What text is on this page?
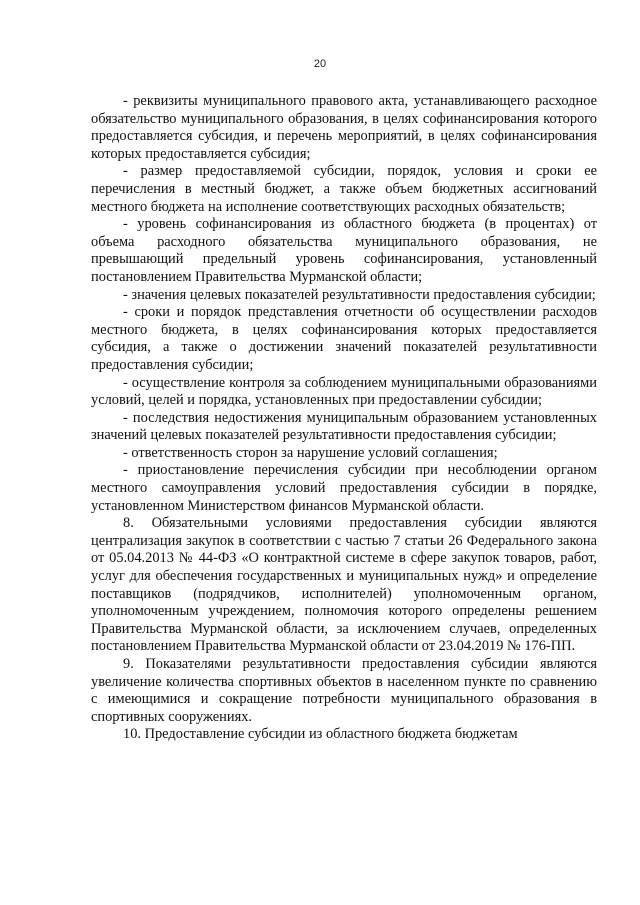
20

- реквизиты муниципального правового акта, устанавливающего расходное обязательство муниципального образования, в целях софинансирования которого предоставляется субсидия, и перечень мероприятий, в целях софинансирования которых предоставляется субсидия;

- размер предоставляемой субсидии, порядок, условия и сроки ее перечисления в местный бюджет, а также объем бюджетных ассигнований местного бюджета на исполнение соответствующих расходных обязательств;

- уровень софинансирования из областного бюджета (в процентах) от объема расходного обязательства муниципального образования, не превышающий предельный уровень софинансирования, установленный постановлением Правительства Мурманской области;

- значения целевых показателей результативности предоставления субсидии;

- сроки и порядок представления отчетности об осуществлении расходов местного бюджета, в целях софинансирования которых предоставляется субсидия, а также о достижении значений показателей результативности предоставления субсидии;

- осуществление контроля за соблюдением муниципальными образованиями условий, целей и порядка, установленных при предоставлении субсидии;

- последствия недостижения муниципальным образованием установленных значений целевых показателей результативности предоставления субсидии;

- ответственность сторон за нарушение условий соглашения;

- приостановление перечисления субсидии при несоблюдении органом местного самоуправления условий предоставления субсидии в порядке, установленном Министерством финансов Мурманской области.

8. Обязательными условиями предоставления субсидии являются централизация закупок в соответствии с частью 7 статьи 26 Федерального закона от 05.04.2013 № 44-ФЗ «О контрактной системе в сфере закупок товаров, работ, услуг для обеспечения государственных и муниципальных нужд» и определение поставщиков (подрядчиков, исполнителей) уполномоченным органом, уполномоченным учреждением, полномочия которого определены решением Правительства Мурманской области, за исключением случаев, определенных постановлением Правительства Мурманской области от 23.04.2019 № 176-ПП.

9. Показателями результативности предоставления субсидии являются увеличение количества спортивных объектов в населенном пункте по сравнению с имеющимися и сокращение потребности муниципального образования в спортивных сооружениях.

10. Предоставление субсидии из областного бюджета бюджетам
